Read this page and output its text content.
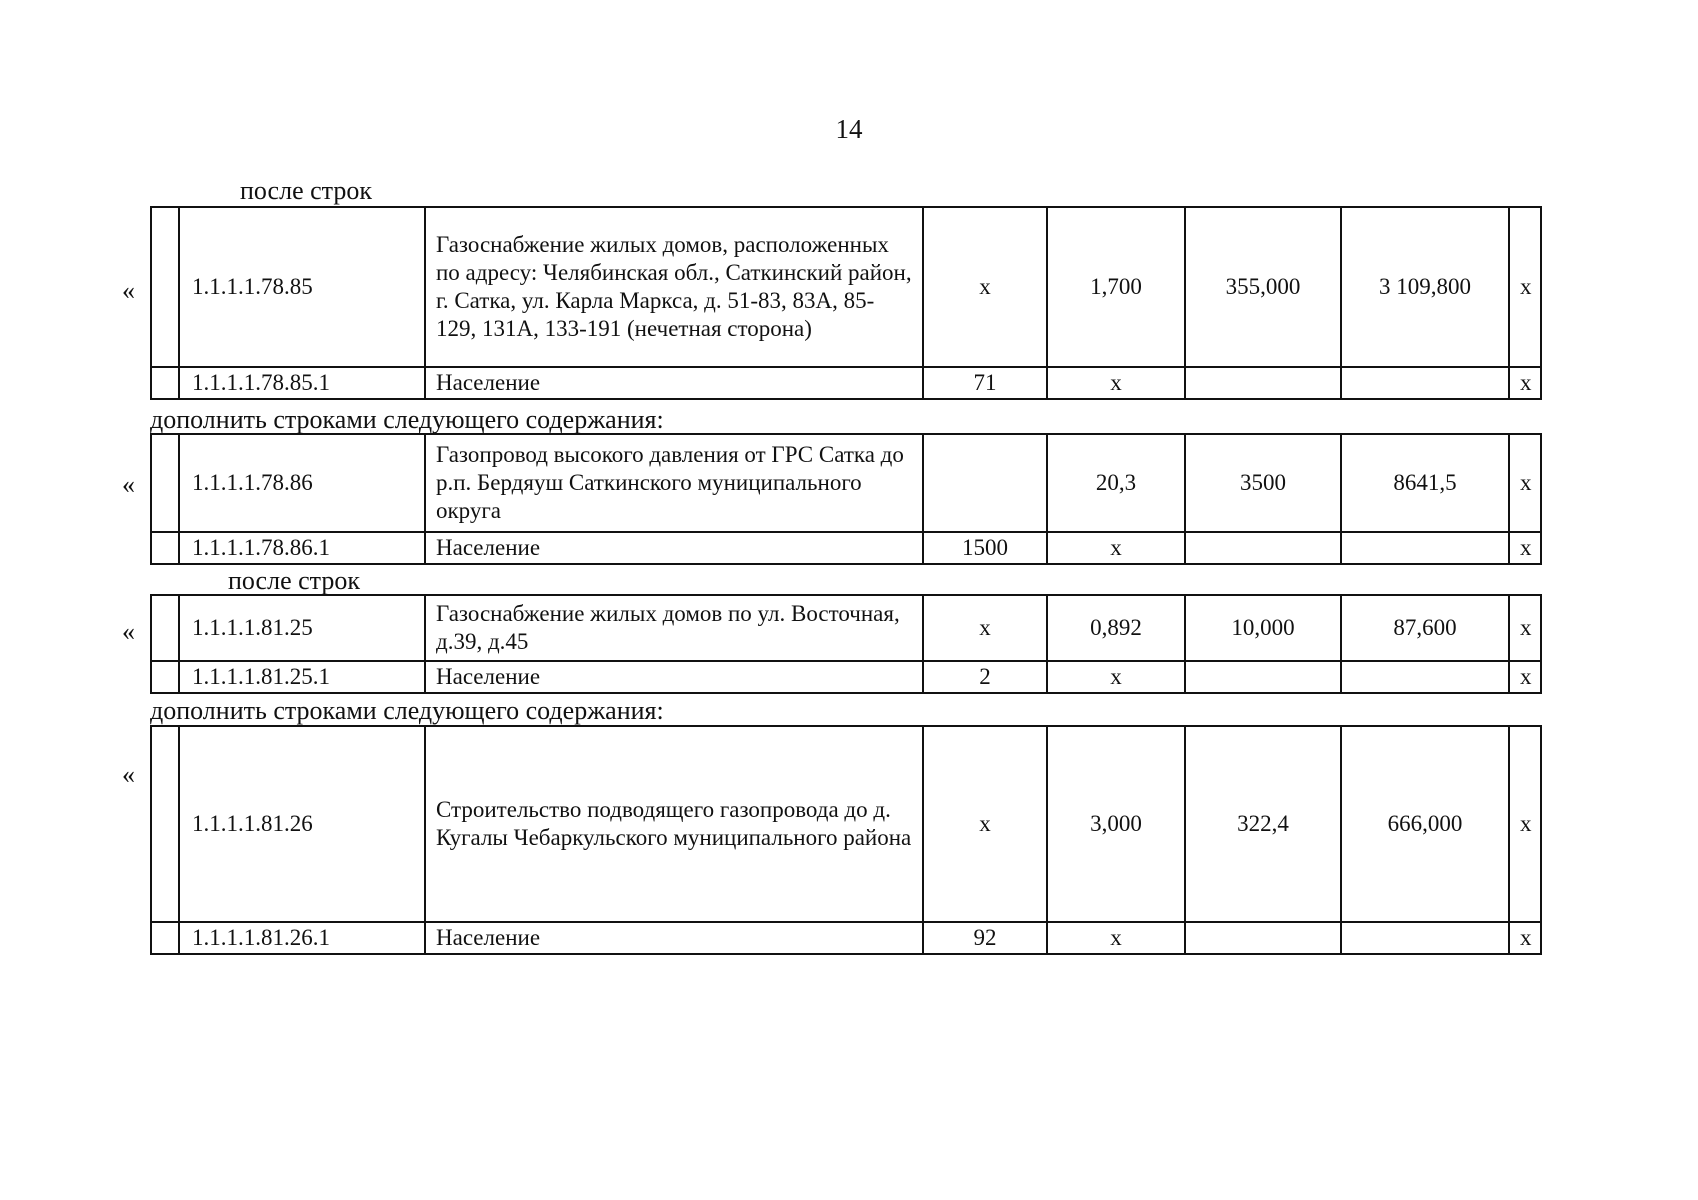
14
после строк
«
	1.1.1.1.78.85	Газоснабжение жилых домов, расположенных по адресу: Челябинская обл., Саткинский район, г. Сатка, ул. Карла Маркса, д. 51-83, 83А, 85-129, 131А, 133-191 (нечетная сторона)	х	1,700	355,000	3 109,800	х
	1.1.1.1.78.85.1	Население	71	х			х
дополнить строками следующего содержания:
«
	1.1.1.1.78.86	Газопровод высокого давления от ГРС Сатка до р.п. Бердяуш Саткинского муниципального округа		20,3	3500	8641,5	х
	1.1.1.1.78.86.1	Население	1500	х			х
после строк
«
	1.1.1.1.81.25	Газоснабжение жилых домов по ул. Восточная, д.39, д.45	х	0,892	10,000	87,600	х
	1.1.1.1.81.25.1	Население	2	х			х
дополнить строками следующего содержания:
«
	1.1.1.1.81.26	Строительство подводящего газопровода до д. Кугалы Чебаркульского муниципального района	х	3,000	322,4	666,000	х
	1.1.1.1.81.26.1	Население	92	х			х
